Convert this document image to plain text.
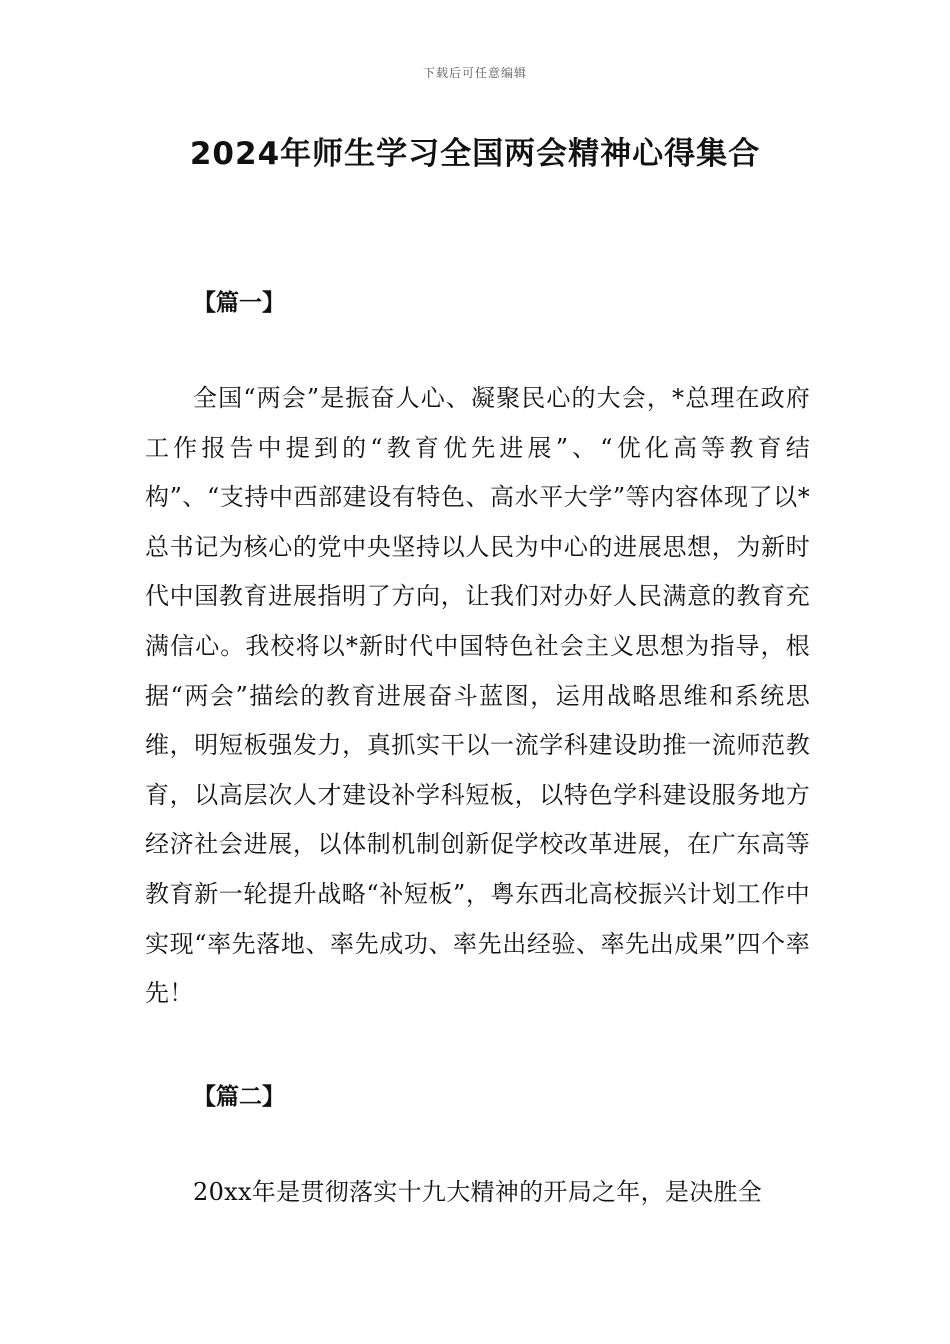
下载后可任意编辑
2024年师生学习全国两会精神心得集合
【篇一】

全国“两会”是振奋人心、凝聚民心的大会，*总理在政府工作报告中提到的“教育优先进展”、“优化高等教育结构”、“支持中西部建设有特色、高水平大学”等内容体现了以*总书记为核心的党中央坚持以人民为中心的进展思想，为新时代中国教育进展指明了方向，让我们对办好人民满意的教育充满信心。我校将以*新时代中国特色社会主义思想为指导，根据“两会”描绘的教育进展奋斗蓝图，运用战略思维和系统思维，明短板强发力，真抓实干以一流学科建设助推一流师范教育，以高层次人才建设补学科短板，以特色学科建设服务地方经济社会进展，以体制机制创新促学校改革进展，在广东高等教育新一轮提升战略“补短板”，粤东西北高校振兴计划工作中实现“率先落地、率先成功、率先出经验、率先出成果”四个率先！

【篇二】

20xx年是贯彻落实十九大精神的开局之年，是决胜全
